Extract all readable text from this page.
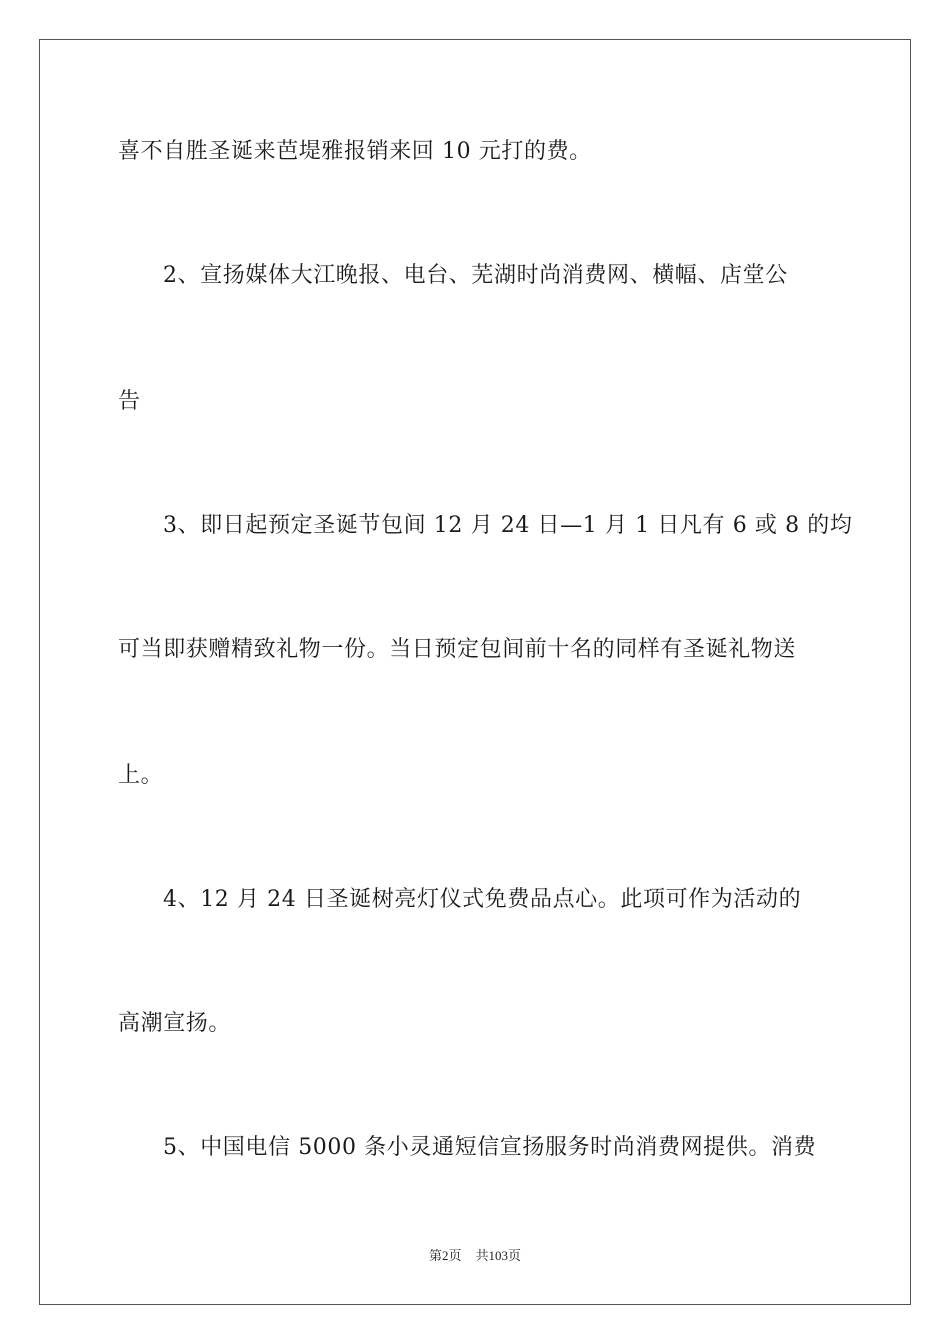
喜不自胜圣诞来芭堤雅报销来回 10 元打的费。
2、宣扬媒体大江晚报、电台、芜湖时尚消费网、横幅、店堂公
告
3、即日起预定圣诞节包间 12 月 24 日—1 月 1 日凡有 6 或 8 的均
可当即获赠精致礼物一份。当日预定包间前十名的同样有圣诞礼物送
上。
4、12 月 24 日圣诞树亮灯仪式免费品点心。此项可作为活动的
高潮宣扬。
5、中国电信 5000 条小灵通短信宣扬服务时尚消费网提供。消费
第2页 共103页
